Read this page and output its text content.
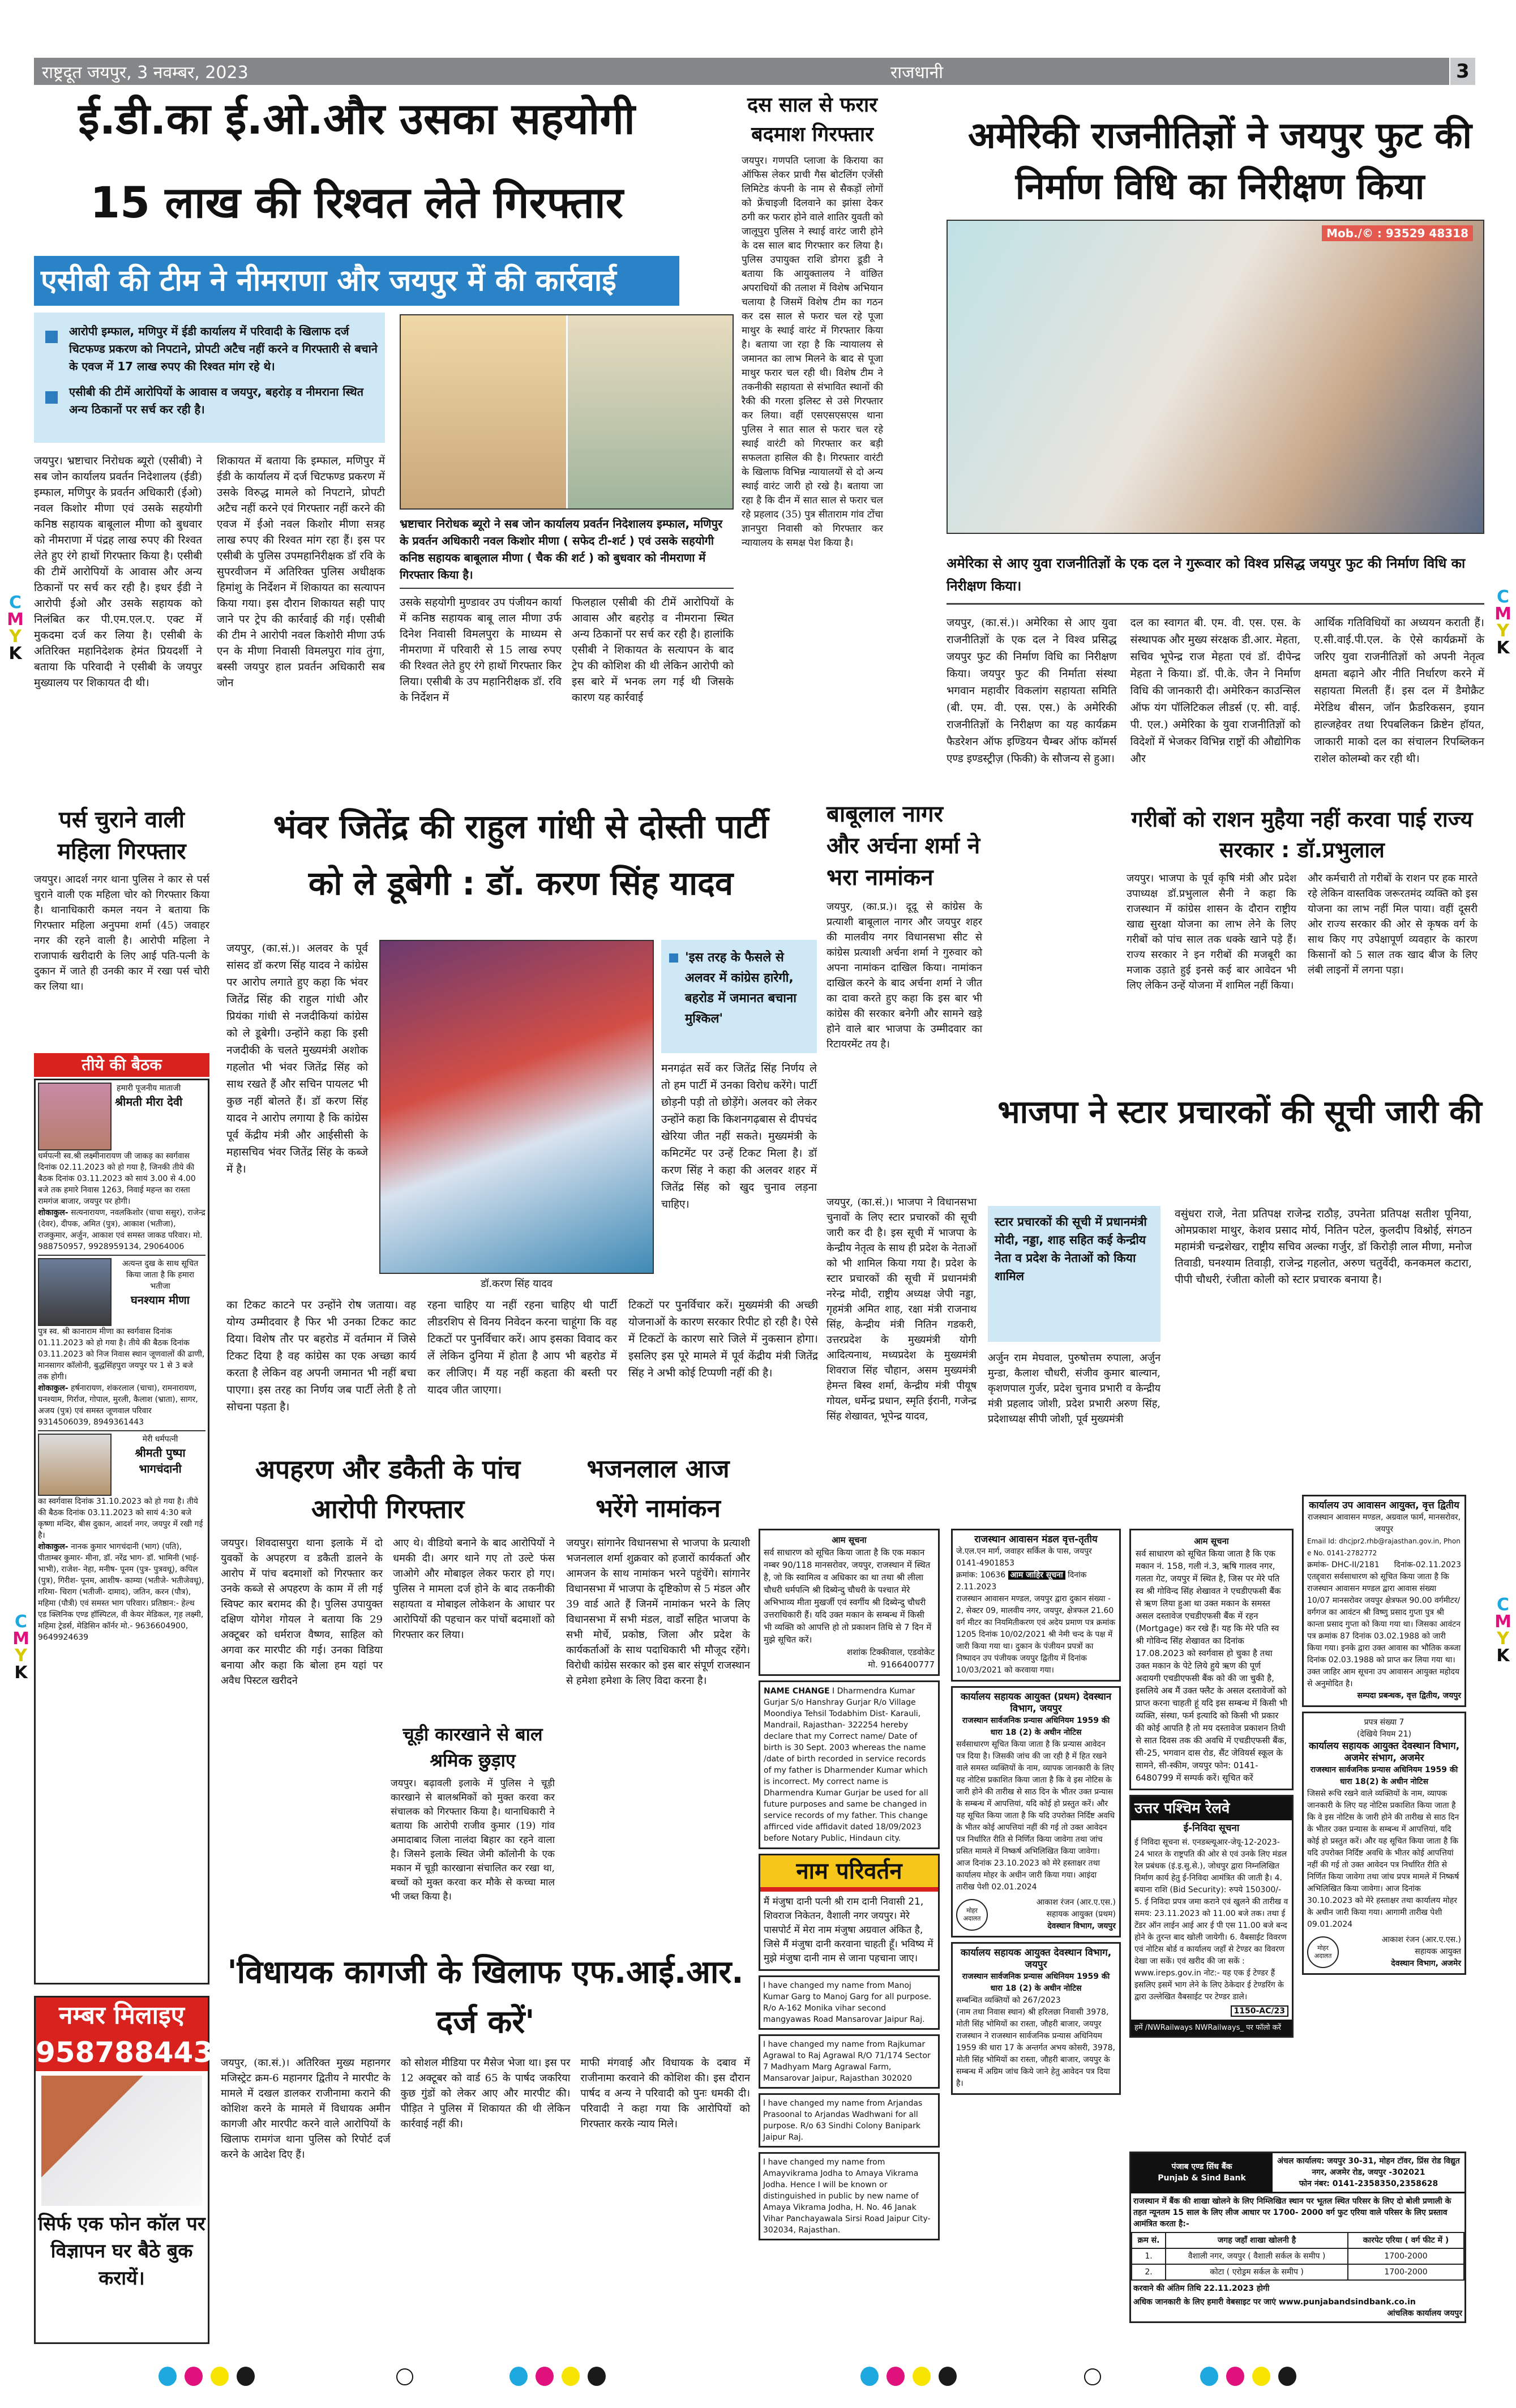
राष्ट्रदूत जयपुर, 3 नवम्बर, 2023	राजधानी	3
ई.डी.का ई.ओ.और उसका सहयोगी
15 लाख की रिश्वत लेते गिरफ्तार
एसीबी की टीम ने नीमराणा और जयपुर में की कार्रवाई
आरोपी इम्फाल, मणिपुर में ईडी कार्यालय में परिवादी के खिलाफ दर्ज चिटफण्ड प्रकरण को निपटाने, प्रोपटी अटैच नहीं करने व गिरफ्तारी से बचाने के एवज में 17 लाख रुपए की रिश्वत मांग रहे थे।
एसीबी की टीमें आरोपियों के आवास व जयपुर, बहरोड़ व नीमराना स्थित अन्य ठिकानों पर सर्च कर रही है।

जयपुर। भ्रष्टाचार निरोधक ब्यूरो (एसीबी) ने सब जोन कार्यालय प्रवर्तन निदेशालय (ईडी) इम्फाल, मणिपुर के प्रवर्तन अधिकारी (ईओ) नवल किशोर मीणा एवं उसके सहयोगी कनिष्ठ सहायक बाबूलाल मीणा को बुधवार को नीमराणा में पंद्रह लाख रुपए की रिश्वत लेते हुए रंगे हाथों गिरफ्तार किया है। एसीबी की टीमें आरोपियों के आवास और अन्य ठिकानों पर सर्च कर रही है। इधर ईडी ने आरोपी ईओ और उसके सहायक को निलंबित कर पी.एम.एल.ए. एक्ट में मुकदमा दर्ज कर लिया है। एसीबी के अतिरिक्त महानिदेशक हेमंत प्रियदर्शी ने बताया कि परिवादी ने एसीबी के जयपुर मुख्यालय पर शिकायत दी थी।

शिकायत में बताया कि इम्फाल, मणिपुर में ईडी के कार्यालय में दर्ज चिटफण्ड प्रकरण में उसके विरुद्ध मामले को निपटाने, प्रोपटी अटैच नहीं करने एवं गिरफ्तार नहीं करने की एवज में ईओ नवल किशोर मीणा सत्रह लाख रुपए की रिश्वत मांग रहा हैं। इस पर एसीबी के पुलिस उपमहानिरीक्षक डॉ रवि के सुपरवीजन में अतिरिक्त पुलिस अधीक्षक हिमांशु के निर्देशन में शिकायत का सत्यापन किया गया। इस दौरान शिकायत सही पाए जाने पर ट्रेप की कार्रवाई की गई। एसीबी की टीम ने आरोपी नवल किशोरी मीणा उर्फ एन के मीणा निवासी विमलपुरा गांव तुंगा, बस्सी जयपुर हाल प्रवर्तन अधिकारी सब जोन

भ्रष्टाचार निरोधक ब्यूरो ने सब जोन कार्यालय प्रवर्तन निदेशालय इम्फाल, मणिपुर के प्रवर्तन अधिकारी नवल किशोर मीणा ( सफेद टी-शर्ट ) एवं उसके सहयोगी कनिष्ठ सहायक बाबूलाल मीणा ( चैक की शर्ट ) को बुधवार को नीमराणा में गिरफ्तार किया है।

उसके सहयोगी मुण्डावर उप पंजीयन कार्या में कनिष्ठ सहायक बाबू लाल मीणा उर्फ दिनेश निवासी विमलपुरा के माध्यम से नीमराणा में परिवारी से 15 लाख रुपए की रिश्वत लेते हुए रंगे हाथों गिरफ्तार किर लिया। एसीबी के उप महानिरीक्षक डॉ. रवि के निर्देशन में

फिलहाल एसीबी की टीमें आरोपियों के आवास और बहरोड़ व नीमराना स्थित अन्य ठिकानों पर सर्च कर रही है। हालांकि एसीबी ने शिकायत के सत्यापन के बाद ट्रेप की कोशिश की थी लेकिन आरोपी को इस बारे में भनक लग गई थी जिसके कारण यह कार्रवाई

दस साल से फरार बदमाश गिरफ्तार

जयपुर। गणपति प्लाजा के किराया का ऑफिस लेकर प्राची गैस बोटलिंग एजेंसी लिमिटेड कंपनी के नाम से सैकड़ों लोगों को फ्रेंचाइजी दिलवाने का झांसा देकर ठगी कर फरार होने वाले शातिर युवती को जालूपुरा पुलिस ने स्थाई वारंट जारी होने के दस साल बाद गिरफ्तार कर लिया है। पुलिस उपायुक्त राशि डोगरा डूडी ने बताया कि आयुक्तालय ने वांछित अपराधियों की तलाश में विशेष अभियान चलाया है जिसमें विशेष टीम का गठन कर दस साल से फरार चल रहे पूजा माथुर के स्थाई वारंट में गिरफ्तार किया है। बताया जा रहा है कि न्यायालय से जमानत का लाभ मिलने के बाद से पूजा माथुर फरार चल रही थी। विशेष टीम ने तकनीकी सहायता से संभावित स्थानों की रैकी की गरला इलिस्ट से उसे गिरफ्तार कर लिया। वहीं एसएसएसएस थाना पुलिस ने सात साल से फरार चल रहे स्थाई वारंटी को गिरफ्तार कर बड़ी सफलता हासिल की है। गिरफ्तार वारंटी के खिलाफ विभिन्न न्यायालयों से दो अन्य स्थाई वारंट जारी हो रखे है। बताया जा रहा है कि दीन में सात साल से फरार चल रहे प्रहलाद (35) पुत्र सीताराम गांव टोंचा ज्ञानपुरा निवासी को गिरफ्तार कर न्यायालय के समक्ष पेश किया है।

अमेरिकी राजनीतिज्ञों ने जयपुर फुट की निर्माण विधि का निरीक्षण किया
Mob./© : 93529 48318
अमेरिका से आए युवा राजनीतिज्ञों के एक दल ने गुरूवार को विश्व प्रसिद्ध जयपुर फुट की निर्माण विधि का निरीक्षण किया।

जयपुर, (का.सं.)। अमेरिका से आए युवा राजनीतिज्ञों के एक दल ने विश्व प्रसिद्ध जयपुर फुट की निर्माण विधि का निरीक्षण किया। जयपुर फुट की निर्माता संस्था भगवान महावीर विकलांग सहायता समिति (बी. एम. वी. एस. एस.) के अमेरिकी राजनीतिज्ञों के निरीक्षण का यह कार्यक्रम फैडरेशन ऑफ इण्डियन चैम्बर ऑफ कॉमर्स एण्ड इण्डस्ट्रीज़ (फिकी) के सौजन्य से हुआ।

दल का स्वागत बी. एम. वी. एस. एस. के संस्थापक और मुख्य संरक्षक डी.आर. मेहता, सचिव भूपेन्द्र राज मेहता एवं डॉ. दीपेन्द्र मेहता ने किया। डॉ. पी.के. जैन ने निर्माण विधि की जानकारी दी। अमेरिकन काउन्सिल ऑफ यंग पॉलिटिकल लीडर्स (ए. सी. वाई. पी. एल.) अमेरिका के युवा राजनीतिज्ञों को विदेशों में भेजकर विभिन्न राष्ट्रों की औद्योगिक और

आर्थिक गतिविधियों का अध्ययन कराती हैं। ए.सी.वाई.पी.एल. के ऐसे कार्यक्रमों के जरिए युवा राजनीतिज्ञों को अपनी नेतृत्व क्षमता बढ़ाने और नीति निर्धारण करने में सहायता मिलती हैं। इस दल में डैमोक्रैट मेरेडिथ बीसन, जॉन फ्रैडरिकसन, इयान हाल्जहेवर तथा रिपबलिकन क्रिष्टेन हॉयत, जाकारी माको दल का संचालन रिपब्लिकन राशेल कोलम्बो कर रही थी।

पर्स चुराने वाली महिला गिरफ्तार

जयपुर। आदर्श नगर थाना पुलिस ने कार से पर्स चुराने वाली एक महिला चोर को गिरफ्तार किया है। थानाधिकारी कमल नयन ने बताया कि गिरफ्तार महिला अनुपमा शर्मा (45) जवाहर नगर की रहने वाली है। आरोपी महिला ने राजापार्क खरीदारी के लिए आई पति-पत्नी के दुकान में जाते ही उनकी कार में रखा पर्स चोरी कर लिया था।

तीये की बैठक
हमारी पूजनीय माताजी
श्रीमती मीरा देवी

धर्मपत्नी स्व.श्री लक्ष्मीनारायण जी जाकड़ का स्वर्गवास दिनांक 02.11.2023 को हो गया है, जिनकी तीये की बैठक दिनांक 03.11.2023 को सायं 3.00 से 4.00 बजे तक हमारे निवास 1263, निवाई महन्त का रास्ता रामगंज बाजार, जयपुर पर होगी।

शोकाकुल- सत्यनारायण, नवलकिशोर (चाचा ससुर), राजेन्द्र (देवर), दीपक, अमित (पुत्र), आकाश (भतीजा), राजकुमार, अर्जुन, आकाश एवं समस्त जाकड परिवार। मो. 988750957, 9928959134, 29064006

अत्यन्त दुख के साथ सूचित किया जाता है कि हमारा भतीजा
घनश्याम मीणा

पुत्र स्व. श्री कानाराम मीणा का स्वर्गवास दिनांक 01.11.2023 को हो गया है। तीये की बैठक दिनांक 03.11.2023 को निज निवास स्थान जूणवालों की ढाणी, मानसागर कॉलोनी, बुद्धसिंहपुरा जयपुर पर 1 से 3 बजे तक होगी।

शोकाकुल- हर्षनारायण, शंकरलाल (चाचा), रामनारायण, घनश्याम, गिर्राज, गोपाल, मुरली, कैलाश (भ्राता), सागर, अजय (पुत्र) एवं समस्त जूणवाल परिवार 9314506039, 8949361443

मेरी धर्मपत्नी
श्रीमती पुष्पा भागचंदानी

का स्वर्गवास दिनांक 31.10.2023 को हो गया है। तीये की बैठक दिनांक 03.11.2023 को सायं 4:30 बजे कृष्णा मन्दिर, बीस दुकान, आदर्श नगर, जयपुर में रखी गई है।

शोकाकुल- नानक कुमार भागचंदानी (भाग) (पति), पीताम्बर कुमार- मीना, डॉ. नरेंद्र भाग- डॉ. भामिनी (भाई-भाभी), राजेश- नेहा, मनीष- पूनम (पुत्र- पुत्रवधू), कपिल (पुत्र), गिरीश- पूनम, आशीष- काम्या (भतीजे- भतीजेवधू), गरिमा- चिराग (भतीजी- दामाद), जतिन, करन (पौत्र), महिमा (पौत्री) एवं समस्त भाग परिवार। प्रतिष्ठान:- हेल्थ एड क्लिनिक एण्ड हॉस्पिटल, वी केयर मेडिकल, गृह लक्ष्मी, महिमा ट्रेडर्स, मेडिसिन कॉर्नर मो.- 9636604900, 9649924639

नम्बर मिलाइए
9587884433
सिर्फ एक फोन कॉल पर विज्ञापन घर बैठे बुक करायें।
भंवर जितेंद्र की राहुल गांधी से दोस्ती पार्टी
को ले डूबेगी : डॉ. करण सिंह यादव
जयपुर, (का.सं.)। अलवर के पूर्व सांसद डॉ करण सिंह यादव ने कांग्रेस पर आरोप लगाते हुए कहा कि भंवर जितेंद्र सिंह की राहुल गांधी और प्रियंका गांधी से नजदीकियां कांग्रेस को ले डूबेगी। उन्होंने कहा कि इसी नजदीकी के चलते मुख्यमंत्री अशोक गहलोत भी भंवर जितेंद्र सिंह को साथ रखते हैं और सचिन पायलट भी कुछ नहीं बोलते हैं। डॉ करण सिंह यादव ने आरोप लगाया है कि कांग्रेस पूर्व केंद्रीय मंत्री और आईसीसी के महासचिव भंवर जितेंद्र सिंह के कब्जे में है।
डॉ.करण सिंह यादव
'इस तरह के फैसले से अलवर में कांग्रेस हारेगी, बहरोड में जमानत बचाना मुश्किल'
मनगढ़ंत सर्वे कर जितेंद्र सिंह निर्णय ले तो हम पार्टी में उनका विरोध करेंगे। पार्टी छोड़नी पड़ी तो छोड़ेंगे। अलवर को लेकर उन्होंने कहा कि किशनगढ़बास से दीपचंद खेरिया जीत नहीं सकते। मुख्यमंत्री के कमिटमेंट पर उन्हें टिकट मिला है। डॉ करण सिंह ने कहा की अलवर शहर में जितेंद्र सिंह को खुद चुनाव लड़ना चाहिए।

का टिकट काटने पर उन्होंने रोष जताया। वह योग्य उम्मीदवार है फिर भी उनका टिकट काट दिया। विशेष तौर पर बहरोड में वर्तमान में जिसे टिकट दिया है वह कांग्रेस का एक अच्छा कार्य करता है लेकिन वह अपनी जमानत भी नहीं बचा पाएगा। इस तरह का निर्णय जब पार्टी लेती है तो सोचना पड़ता है।

रहना चाहिए या नहीं रहना चाहिए थी पार्टी लीडरशिप से विनय निवेदन करना चाहूंगा कि वह टिकटों पर पुनर्विचार करें। आप इसका विवाद कर लें लेकिन दुनिया में होता है आप भी बहरोड में कर लीजिए। मैं यह नहीं कहता की बस्ती पर यादव जीत जाएगा।

टिकटों पर पुनर्विचार करें। मुख्यमंत्री की अच्छी योजनाओं के कारण सरकार रिपीट हो रही है। ऐसे में टिकटों के कारण सारे जिले में नुकसान होगा। इसलिए इस पूरे मामले में पूर्व केंद्रीय मंत्री जितेंद्र सिंह ने अभी कोई टिप्पणी नहीं की है।

बाबूलाल नागर और अर्चना शर्मा ने भरा नामांकन

जयपुर, (का.प्र.)। दूदू से कांग्रेस के प्रत्याशी बाबूलाल नागर और जयपुर शहर की मालवीय नगर विधानसभा सीट से कांग्रेस प्रत्याशी अर्चना शर्मा ने गुरुवार को अपना नामांकन दाखिल किया। नामांकन दाखिल करने के बाद अर्चना शर्मा ने जीत का दावा करते हुए कहा कि इस बार भी कांग्रेस की सरकार बनेगी और सामने खड़े होने वाले बार भाजपा के उम्मीदवार का रिटायरमेंट तय है।

गरीबों को राशन मुहैया नहीं करवा पाई राज्य सरकार : डॉ.प्रभुलाल

जयपुर। भाजपा के पूर्व कृषि मंत्री और प्रदेश उपाध्यक्ष डॉ.प्रभुलाल सैनी ने कहा कि राजस्थान में कांग्रेस शासन के दौरान राष्ट्रीय खाद्य सुरक्षा योजना का लाभ लेने के लिए गरीबों को पांच साल तक धक्के खाने पड़े हैं। राज्य सरकार ने इन गरीबों की मजबूरी का मजाक उड़ाते हुई इनसे कई बार आवेदन भी लिए लेकिन उन्हें योजना में शामिल नहीं किया।

और कर्मचारी तो गरीबों के राशन पर हक मारते रहे लेकिन वास्तविक जरूरतमंद व्यक्ति को इस योजना का लाभ नहीं मिल पाया। वहीं दूसरी ओर राज्य सरकार की ओर से कृषक वर्ग के साथ किए गए उपेक्षापूर्ण व्यवहार के कारण किसानों को 5 साल तक खाद बीज के लिए लंबी लाइनों में लगना पड़ा।

भाजपा ने स्टार प्रचारकों की सूची जारी की
जयपुर, (का.सं.)। भाजपा ने विधानसभा चुनावों के लिए स्टार प्रचारकों की सूची जारी कर दी है। इस सूची में भाजपा के केन्द्रीय नेतृत्व के साथ ही प्रदेश के नेताओं को भी शामिल किया गया है। प्रदेश के स्टार प्रचारकों की सूची में प्रधानमंत्री नरेन्द्र मोदी, राष्ट्रीय अध्यक्ष जेपी नड्डा, गृहमंत्री अमित शाह, रक्षा मंत्री राजनाथ सिंह, केन्द्रीय मंत्री नितिन गडकरी, उत्तरप्रदेश के मुख्यमंत्री योगी आदित्यनाथ, मध्यप्रदेश के मुख्यमंत्री शिवराज सिंह चौहान, असम मुख्यमंत्री हेमन्त बिस्व शर्मा, केन्द्रीय मंत्री पीयूष गोयल, धर्मेन्द्र प्रधान, स्मृति ईरानी, गजेन्द्र सिंह शेखावत, भूपेन्द्र यादव,
स्टार प्रचारकों की सूची में प्रधानमंत्री मोदी, नड्डा, शाह सहित कई केन्द्रीय नेता व प्रदेश के नेताओं को किया शामिल
अर्जुन राम मेघवाल, पुरुषोत्तम रुपाला, अर्जुन मुन्डा, कैलाश चौधरी, संजीव कुमार बाल्यान, कृशणपाल गुर्जर, प्रदेश चुनाव प्रभारी व केन्द्रीय मंत्री प्रहलाद जोशी, प्रदेश प्रभारी अरुण सिंह, प्रदेशाध्यक्ष सीपी जोशी, पूर्व मुख्यमंत्री
वसुंधरा राजे, नेता प्रतिपक्ष राजेन्द्र राठौड़, उपनेता प्रतिपक्ष सतीश पूनिया, ओमप्रकाश माथुर, केशव प्रसाद मोर्य, नितिन पटेल, कुलदीप विश्नोई, संगठन महामंत्री चन्द्रशेखर, राष्ट्रीय सचिव अल्का गर्जुर, डॉ किरोड़ी लाल मीणा, मनोज तिवाडी, घनश्याम तिवाड़ी, राजेन्द्र गहलोत, अरुण चतुर्वेदी, कनकमल कटारा, पीपी चौधरी, रंजीता कोली को स्टार प्रचारक बनाया है।
अपहरण और डकैती के पांच आरोपी गिरफ्तार

जयपुर। शिवदासपुरा थाना इलाके में दो युवकों के अपहरण व डकैती डालने के आरोप में पांच बदमाशों को गिरफ्तार कर उनके कब्जे से अपहरण के काम में ली गई स्विफ्ट कार बरामद की है। पुलिस उपायुक्त दक्षिण योगेश गोयल ने बताया कि 29 अक्टूबर को धर्मराज वैष्णव, साहिल को अगवा कर मारपीट की गई। उनका विडिया बनाया और कहा कि बोला हम यहां पर अवैध पिस्टल खरीदने

आए थे। वीडियो बनाने के बाद आरोपियों ने धमकी दी। अगर थाने गए तो उल्टे फंस जाओगे और मोबाइल लेकर फरार हो गए। पुलिस ने मामला दर्ज होने के बाद तकनीकी सहायता व मोबाइल लोकेशन के आधार पर आरोपियों की पहचान कर पांचों बदमाशों को गिरफ्तार कर लिया।

चूड़ी कारखाने से बाल श्रमिक छुड़ाए

जयपुर। बढ़ावली इलाके में पुलिस ने चूड़ी कारखाने से बालश्रमिकों को मुक्त करवा कर संचालक को गिरफ्तार किया है। थानाधिकारी ने बताया कि आरोपी राजीव कुमार (19) गांव अमादाबाद जिला नालंदा बिहार का रहने वाला है। जिसने इलाके स्थित जेमी कॉलोनी के एक मकान में चूड़ी कारखाना संचालित कर रखा था, बच्चों को मुक्त करवा कर मौके से कच्चा माल भी जब्त किया है।

भजनलाल आज भरेंगे नामांकन

जयपुर। सांगानेर विधानसभा से भाजपा के प्रत्याशी भजनलाल शर्मा शुक्रवार को हजारों कार्यकर्ता और आमजन के साथ नामांकन भरने पहुंचेंगे। सांगानेर विधानसभा में भाजपा के दृष्टिकोण से 5 मंडल और 39 वार्ड आते हैं जिनमें नामांकन भरने के लिए विधानसभा में सभी मंडल, वार्डों सहित भाजपा के सभी मोर्चे, प्रकोष्ठ, जिला और प्रदेश के कार्यकर्ताओं के साथ पदाधिकारी भी मौजूद रहेंगे। विरोधी कांग्रेस सरकार को इस बार संपूर्ण राजस्थान से हमेशा हमेशा के लिए विदा करना है।

'विधायक कागजी के खिलाफ एफ.आई.आर. दर्ज करें'

जयपुर, (का.सं.)। अतिरिक्त मुख्य महानगर मजिस्ट्रेट क्रम-6 महानगर द्वितीय ने मारपीट के मामले में दखल डालकर राजीनामा कराने की कोशिश करने के मामले में विधायक अमीन कागजी और मारपीट करने वाले आरोपियों के खिलाफ रामगंज थाना पुलिस को रिपोर्ट दर्ज करने के आदेश दिए हैं।

को सोशल मीडिया पर मैसेज भेजा था। इस पर 12 अक्टूबर को वार्ड 65 के पार्षद जकरिया कुछ गुंडों को लेकर आए और मारपीट की। पीड़ित ने पुलिस में शिकायत की थी लेकिन कार्रवाई नहीं की।

माफी मंगवाई और विधायक के दबाव में राजीनामा करवाने की कोशिश की। इस दौरान पार्षद व अन्य ने परिवादी को पुनः धमकी दी। परिवादी ने कहा गया कि आरोपियों को गिरफ्तार करके न्याय मिले।

आम सूचना

सर्व साधारण को सूचित किया जाता है कि एक मकान नम्बर 90/118 मानसरोवर, जयपुर, राजस्थान में स्थित है, जो कि स्वामित्व व अधिकार का था तथा श्री लीला चौधरी धर्मपत्नि श्री दिब्येन्दु चौधरी के पश्चात मेरे अभिभाव्य मीता मुखर्जी एवं स्वर्गीय श्री दिब्येन्दु चौधरी उत्तराधिकारी हैं। यदि उक्त मकान के सम्बन्ध में किसी भी व्यक्ति को आपत्ति हो तो प्रकाशन तिथि से 7 दिन में मुझे सूचित करें।

शशांक टिक्कीवाल, एडवोकेट

मो. 9166400777

NAME CHANGE I Dharmendra Kumar Gurjar S/o Hanshray Gurjar R/o Village Moondiya Tehsil Todabhim Dist- Karauli, Mandrail, Rajasthan- 322254 hereby declare that my Correct name/ Date of birth is 30 Sept. 2003 whereas the name /date of birth recorded in service records of my father is Dharmender Kumar which is incorrect. My correct name is Dharmendra Kumar Gurjar be used for all future purposes and same be changed in service records of my father. This change affirced vide affidavit dated 18/09/2023 before Notary Public, Hindaun city.
नाम परिवर्तन

मैं मंजुषा दानी पत्नी श्री राम दानी निवासी 21, शिवराज निकेतन, वैशाली नगर जयपुर। मेरे पासपोर्ट में मेरा नाम मंजुषा अग्रवाल अंकित है, जिसे मैं मंजुषा दानी करवाना चाहती हूँ। भविष्य में मुझे मंजुषा दानी नाम से जाना पहचाना जाए।

I have changed my name from Manoj Kumar Garg to Manoj Garg for all purpose. R/o A-162 Monika vihar second mangyawas Road Mansarovar Jaipur Raj.

I have changed my name from Rajkumar Agrawal to Raj Agrawal R/O 71/174 Sector 7 Madhyam Marg Agrawal Farm, Mansarovar Jaipur, Rajasthan 302020

I have changed my name from Arjandas Prasoonal to Arjandas Wadhwani for all purpose. R/o 63 Sindhi Colony Banipark Jaipur Raj.

I have changed my name from Amayvikrama Jodha to Amaya Vikrama Jodha. Hence I will be known or distinguished in public by new name of Amaya Vikrama Jodha, H. No. 46 Janak Vihar Panchayawala Sirsi Road Jaipur City-302034, Rajasthan.

राजस्थान आवासन मंडल वृत्त-तृतीय
जे.एल.एन मार्ग, जवाहर सर्किल के पास, जयपुर 0141-4901853
क्रमांक: 10636 आम जाहिर सूचना दिनांक 2.11.2023

राजस्थान आवासन मण्डल, जयपुर द्वारा दुकान संख्या - 2, सेक्टर 09, मालवीय नगर, जयपुर, क्षेत्रफल 21.60 वर्ग मीटर का नियमितीकरण एवं अदेय प्रमाण पत्र क्रमांक 1205 दिनांक 10/02/2021 श्री नेमी चन्द के पक्ष में जारी किया गया था। दुकान के पंजीयन प्रपत्रों का निष्पादन उप पंजीयक जयपुर द्वितीय में दिनांक 10/03/2021 को करवाया गया।

कार्यालय सहायक आयुक्त (प्रथम) देवस्थान विभाग, जयपुर
राजस्थान सार्वजनिक प्रन्यास अधिनियम 1959 की धारा 18 (2) के अधीन नोटिस

सर्वसाधारण सूचित किया जाता है कि प्रन्यास आवेदन पत्र दिया है। जिसकी जांच की जा रही है में हित रखने वाले समस्त व्यक्तियों के नाम, व्यापक जानकारी के लिए यह नोटिस प्रकाशित किया जाता है कि वे इस नोटिस के जारी होने की तारीख से साठ दिन के भीतर उक्त प्रन्यास के सम्बन्ध में आपत्तियां, यदि कोई हो प्रस्तुत करें। और यह सूचित किया जाता है कि यदि उपरोक्त निर्दिष्ट अवधि के भीतर कोई आपत्तियां नहीं की गई तो उक्त आवेदन पत्र निर्धारित रीति से निर्णित किया जावेगा तथा जांच प्रसित मामले में निष्कर्ष अभिलिखित किया जावेगा। आज दिनांक 23.10.2023 को मेरे हस्ताक्षर तथा कार्यालय मोहर के अधीन जारी किया गया। आइंदा तारीख पेशी 02.01.2024

मोहर अदालत
आकाश रंजन (आर.ए.एस.)
सहायक आयुक्त (प्रथम)
देवस्थान विभाग, जयपुर
कार्यालय सहायक आयुक्त देवस्थान विभाग, जयपुर
राजस्थान सार्वजनिक प्रन्यास अधिनियम 1959 की धारा 18 (2) के अधीन नोटिस
सम्बन्धित व्यक्तियों को 267/2023

(नाम तथा निवास स्थान) श्री हरिलछा निवासी 3978, मोती सिंह भोमियों का रास्ता, जौहरी बाजार, जयपुर राजस्थान ने राजस्थान सार्वजनिक प्रन्यास अधिनियम 1959 की धारा 17 के अन्तर्गत अभय कोसरी, 3978, मोती सिंह भोमियों का रास्ता, जौहरी बाजार, जयपुर के सम्बन्ध में अग्रिम जांच किये जाने हेतु आवेदन पत्र दिया है।

आम सूचना

सर्व साधारण को सूचित किया जाता है कि एक मकान नं. 158, गली नं.3, ऋषि गालव नगर, गलता गेट, जयपुर में स्थित है, जिस पर मेरे पति स्व श्री गोविन्द सिंह शेखावत ने एचडीएफसी बैंक से ऋण लिया हुआ था उक्त मकान के समस्त असल दस्तावेज एचडीएफसी बैंक में रहन (Mortgage) कर रखे हैं। यह कि मेरे पति स्व श्री गोविन्द सिंह शेखावत का दिनांक 17.08.2023 को स्वर्गवास हो चुका है तथा उक्त मकान के पेटे लिये हुये ऋण की पूर्ण अदायगी एचडीएफसी बैंक को की जा चुकी है, इसलिये अब मैं उक्त फ्लैट के असल दस्तावेजों को प्राप्त करना चाहती हूं यदि इस सम्बन्ध में किसी भी व्यक्ति, संस्था, फर्म इत्यादि को किसी भी प्रकार की कोई आपति है तो मय दस्तावेज प्रकाशन तिथी से सात दिवस तक की अवधि में एचडीएफसी बैंक, सी-25, भगवान दास रोड, सैंट जेवियर्स स्कूल के सामने, सी-स्कीम, जयपुर फोन: 0141-6480799 में सम्पर्क करें। सूचित करें

उत्तर पश्चिम रेलवे
ई-निविदा सूचना

ई निविदा सूचना सं. एनडब्ल्यूआर-जेयू-12-2023-24 भारत के राष्ट्रपति की ओर से एवं उनके लिए मंडल रेल प्रबंधक (इं.इ.सु.से.), जोधपुर द्वारा निम्नलिखित निर्माण कार्य हेतु ई-निविदा आमंत्रित की जाती है। 4. बयाना राशि (Bid Security): रुपये 150300/- 5. ई निविदा प्रपत्र जमा कराने एवं खुलने की तारीख व समय: 23.11.2023 को 11.00 बजे तक। तथा ई टेंडर ऑन लाईन आई आर ई पी एस 11.00 बजे बन्द होने के तुरन्त बाद खोली जायेगी। 6. वैबसाईट विवरण एवं नोटिस बोर्ड व कार्यालय जहाँ से टेण्डर का विवरण देखा जा सकें। एवं खरीद की जा सकें : www.ireps.gov.in नोट:- यह एक ई टेण्डर हैं इसलिए इसमें भाग लेने के लिए ठेकेदार ई टेण्डरिंग के द्वारा उल्लेखित वैबसाईट पर टेण्डर डाले।

1150-AC/23
हमें /NWRailways NWRailways_ पर फॉलो करें
कार्यालय उप आवासन आयुक्त, वृत्त द्वितीय
राजस्थान आवासन मण्डल, अग्रवाल फार्म, मानसरोवर, जयपुर
Email Id: dhcjpr2.rhb@rajasthan.gov.in, Phone No. 0141-2782772
क्रमांक- DHC-II/2181 दिनांक-02.11.2023

एतद्द्वारा सर्वसाधारण को सूचित किया जाता है कि राजस्थान आवासन मण्डल द्वारा आवास संख्या 10/07 मानसरोवर जयपुर क्षेत्रफल 90.00 वर्गमीटर/वर्गगज का आवंटन श्री विष्णु प्रसाद गुप्ता पुत्र श्री कान्ता प्रसाद गुप्ता को किया गया था। जिसका आवंटन पत्र क्रमांक 87 दिनांक 03.02.1988 को जारी किया गया। इनके द्वारा उक्त आवास का भौतिक कब्जा दिनांक 02.03.1988 को प्राप्त कर लिया गया था। उक्त जाहिर आम सूचना उप आवासन आयुक्त महोदय से अनुमोदित है।

सम्पदा प्रबन्धक, वृत्त द्वितीय, जयपुर

प्रपत्र संख्या 7
(देखिये नियम 21)
कार्यालय सहायक आयुक्त देवस्थान विभाग, अजमेर संभाग, अजमेर
राजस्थान सार्वजनिक प्रन्यास अधिनियम 1959 की धारा 18(2) के अधीन नोटिस

जिससे रूचि रखने वाले व्यक्तियों के नाम, व्यापक जानकारी के लिए यह नोटिस प्रकाशित किया जाता है कि वे इस नोटिस के जारी होने की तारीख से साठ दिन के भीतर उक्त प्रन्यास के सम्बन्ध में आपत्तियां, यदि कोई हो प्रस्तुत करें। और यह सूचित किया जाता है कि यदि उपरोक्त निर्दिष्ट अवधि के भीतर कोई आपत्तियां नहीं की गई तो उक्त आवेदन पत्र निर्धारित रीति से निर्णित किया जावेगा तथा जांच प्रपत्र मामले में निष्कर्ष अभिलिखित किया जावेगा। आज दिनांक 30.10.2023 को मेरे हस्ताक्षर तथा कार्यालय मोहर के अधीन जारी किया गया। आगामी तारीख पेशी 09.01.2024

मोहर अदालत
आकाश रंजन (आर.ए.एस.)
सहायक आयुक्त
देवस्थान विभाग, अजमेर
पंजाब एण्ड सिंध बैंक
Punjab & Sind Bank
अंचल कार्यालय: जयपुर 30-31, मोहन टॉवर, प्रिंस रोड विद्युत नगर, अजमेर रोड, जयपुर -302021
फोन नंबर: 0141-2358350,2358628

राजस्थान में बैंक की शाखा खोलने के लिए निम्लिखित स्थान पर भूतल स्थित परिसर के लिए दो बोली प्रणाली के तहत न्यूनतम 15 साल के लिए लीज आधार पर 1700- 2000 वर्ग फुट एरिया वाले परिसर के लिए प्रस्ताव आमंत्रित करता है:-

क्रम सं.	जगह जहाँ शाखा खोलनी है	कारपेट एरिया ( वर्ग फीट में )
1.	वैशाली नगर, जयपुर ( वैशाली सर्कल के समीप )	1700-2000
2.	कोटा ( एरोड्रम सर्कल के समीप )	1700-2000
करवाने की अंतिम तिथि 22.11.2023 होगी
अधिक जानकारी के लिए हमारी वेबसाइट पर जाएं www.punjabandsindbank.co.in
आंचलिक कार्यालय जयपुर
C
M
Y
K
C
M
Y
K
C
M
Y
K
C
M
Y
K
